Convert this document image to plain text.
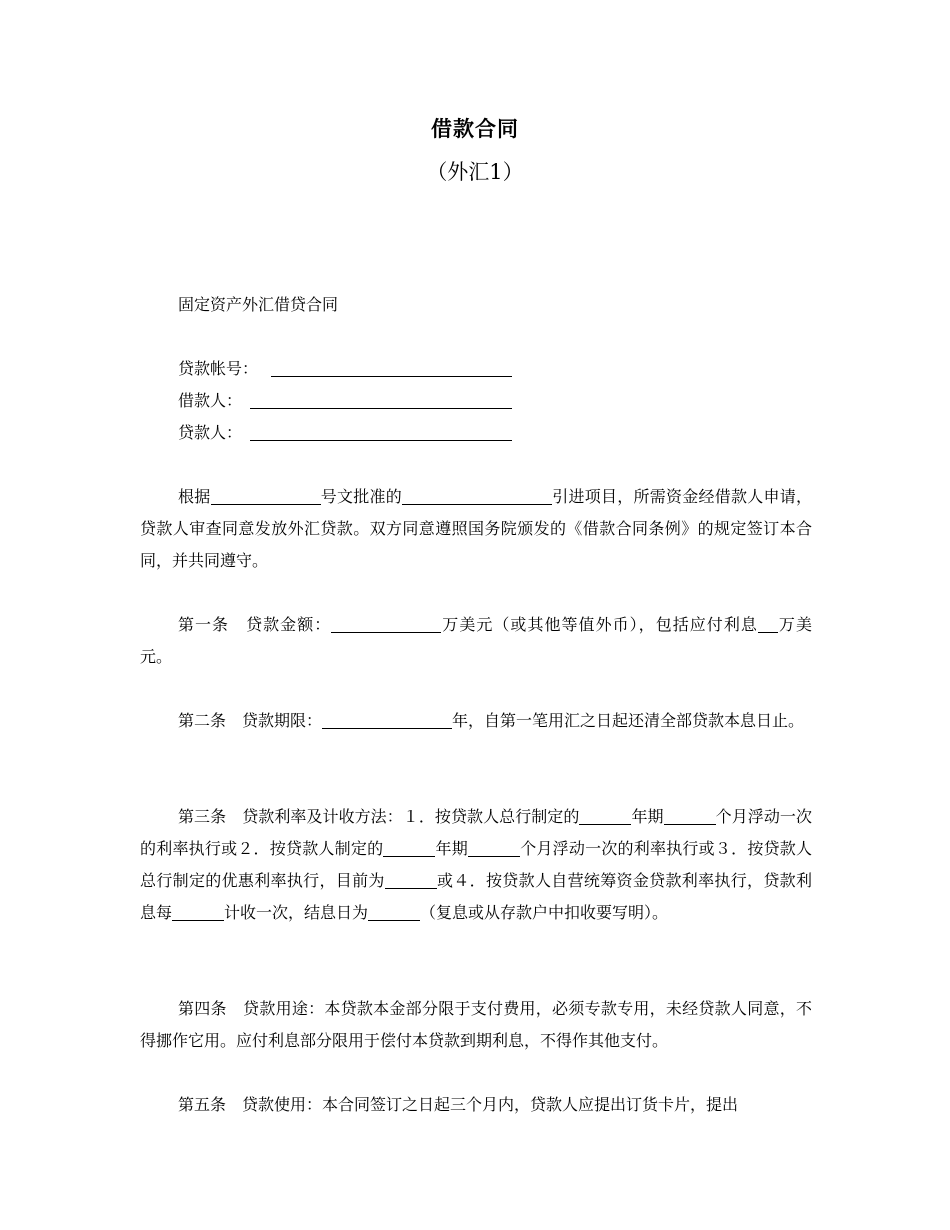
借款合同
（外汇1）
固定资产外汇借贷合同
贷款帐号：
借款人：
贷款人：
根据	号文批准的	引进项目，所需资金经借款人申请，贷款人审查同意发放外汇贷款。双方同意遵照国务院颁发的《借款合同条例》的规定签订本合同，并共同遵守。
第一条 贷款金额：	万美元（或其他等值外币），包括应付利息 万美元。
第二条 贷款期限：	年，自第一笔用汇之日起还清全部贷款本息日止。
第三条 贷款利率及计收方法：１．按贷款人总行制定的	年期	个月浮动一次的利率执行或２．按贷款人制定的	年期	个月浮动一次的利率执行或３．按贷款人总行制定的优惠利率执行，目前为	或４．按贷款人自营统筹资金贷款利率执行，贷款利息每	计收一次，结息日为	（复息或从存款户中扣收要写明）。
第四条 贷款用途：本贷款本金部分限于支付费用，必须专款专用，未经贷款人同意，不得挪作它用。应付利息部分限用于偿付本贷款到期利息，不得作其他支付。
第五条 贷款使用：本合同签订之日起三个月内，贷款人应提出订货卡片，提出
